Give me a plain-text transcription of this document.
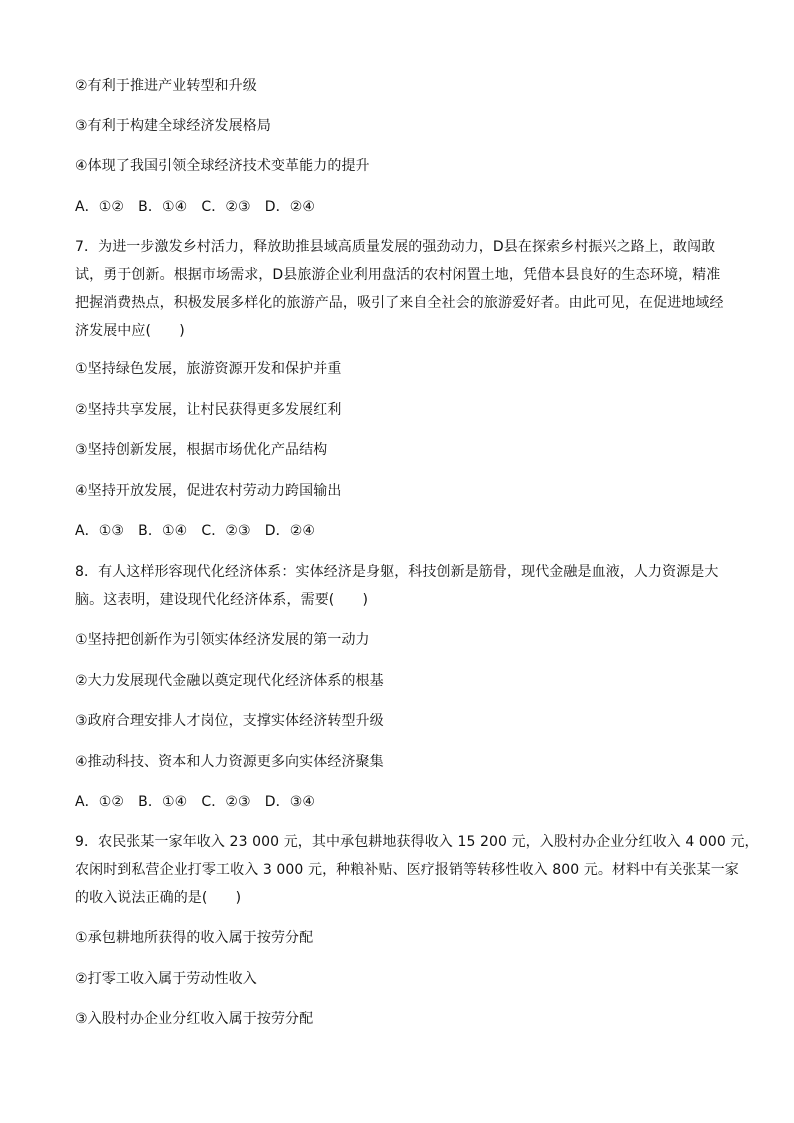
②有利于推进产业转型和升级
③有利于构建全球经济发展格局
④体现了我国引领全球经济技术变革能力的提升
A．①②　B．①④　C．②③　D．②④
7．为进一步激发乡村活力，释放助推县域高质量发展的强劲动力，D县在探索乡村振兴之路上，敢闯敢
试，勇于创新。根据市场需求，D县旅游企业利用盘活的农村闲置土地，凭借本县良好的生态环境，精准
把握消费热点，积极发展多样化的旅游产品，吸引了来自全社会的旅游爱好者。由此可见，在促进地域经
济发展中应(　　)
①坚持绿色发展，旅游资源开发和保护并重
②坚持共享发展，让村民获得更多发展红利
③坚持创新发展，根据市场优化产品结构
④坚持开放发展，促进农村劳动力跨国输出
A．①③　B．①④　C．②③　D．②④
8．有人这样形容现代化经济体系：实体经济是身躯，科技创新是筋骨，现代金融是血液，人力资源是大
脑。这表明，建设现代化经济体系，需要(　　)
①坚持把创新作为引领实体经济发展的第一动力
②大力发展现代金融以奠定现代化经济体系的根基
③政府合理安排人才岗位，支撑实体经济转型升级
④推动科技、资本和人力资源更多向实体经济聚集
A．①②　B．①④　C．②③　D．③④
9．农民张某一家年收入 23 000 元，其中承包耕地获得收入 15 200 元，入股村办企业分红收入 4 000 元，
农闲时到私营企业打零工收入 3 000 元，种粮补贴、医疗报销等转移性收入 800 元。材料中有关张某一家
的收入说法正确的是(　　)
①承包耕地所获得的收入属于按劳分配
②打零工收入属于劳动性收入
③入股村办企业分红收入属于按劳分配
